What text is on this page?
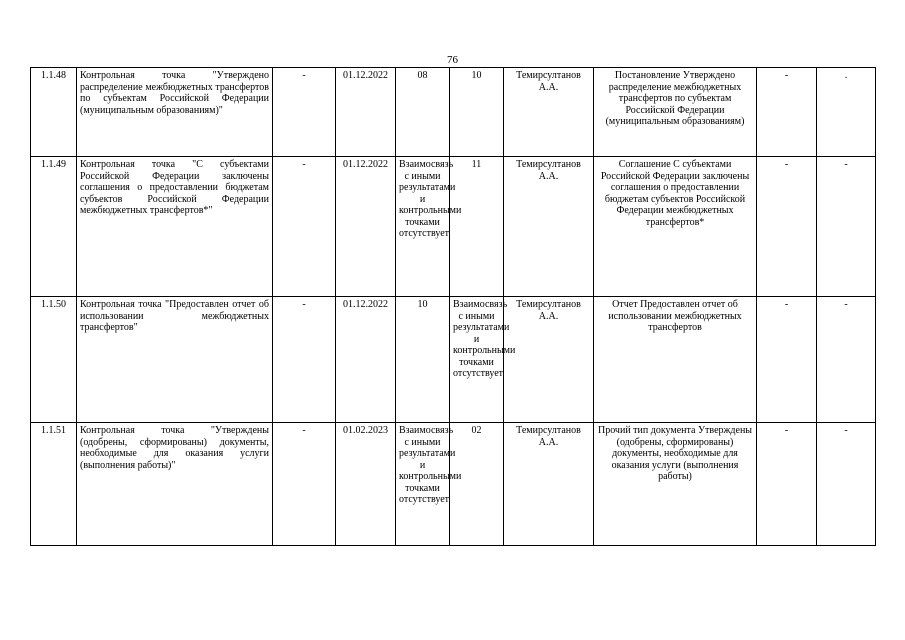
76
1.1.48	Контрольная точка "Утверждено распределение межбюджетных трансфертов по субъектам Российской Федерации (муниципальным образованиям)"	-	01.12.2022	08	10	Темирсултанов А.А.	Постановление Утверждено распределение межбюджетных трансфертов по субъектам Российской Федерации (муниципальным образованиям)	-	.
1.1.49	Контрольная точка "С субъектами Российской Федерации заключены соглашения о предоставлении бюджетам субъектов Российской Федерации межбюджетных трансфертов*"	-	01.12.2022	Взаимосвязь с иными результатами и контрольными точками отсутствует	11	Темирсултанов А.А.	Соглашение С субъектами Российской Федерации заключены соглашения о предоставлении бюджетам субъектов Российской Федерации межбюджетных трансфертов*	-	-
1.1.50	Контрольная точка "Предоставлен отчет об использовании межбюджетных трансфертов"	-	01.12.2022	10	Взаимосвязь с иными результатами и контрольными точками отсутствует	Темирсултанов А.А.	Отчет Предоставлен отчет об использовании межбюджетных трансфертов	-	-
1.1.51	Контрольная точка "Утверждены (одобрены, сформированы) документы, необходимые для оказания услуги (выполнения работы)"	-	01.02.2023	Взаимосвязь с иными результатами и контрольными точками отсутствует	02	Темирсултанов А.А.	Прочий тип документа Утверждены (одобрены, сформированы) документы, необходимые для оказания услуги (выполнения работы)	-	-
